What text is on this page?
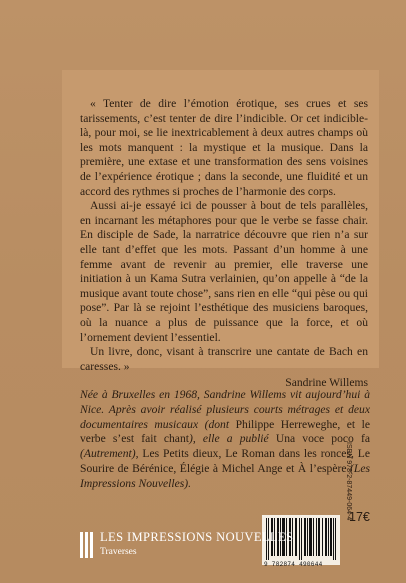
« Tenter de dire l’émotion érotique, ses crues et ses tarissements, c’est tenter de dire l’indicible. Or cet indicible-là, pour moi, se lie inextricablement à deux autres champs où les mots manquent : la mystique et la musique. Dans la première, une extase et une transformation des sens voisines de l’expérience érotique ; dans la seconde, une fluidité et un accord des rythmes si proches de l’harmonie des corps.

Aussi ai-je essayé ici de pousser à bout de tels parallèles, en incarnant les métaphores pour que le verbe se fasse chair. En disciple de Sade, la narratrice découvre que rien n’a sur elle tant d’effet que les mots. Passant d’un homme à une femme avant de revenir au premier, elle traverse une initiation à un Kama Sutra verlainien, qu’on appelle à “de la musique avant toute chose”, sans rien en elle “qui pèse ou qui pose”. Par là se rejoint l’esthétique des musiciens baroques, où la nuance a plus de puissance que la force, et où l’ornement devient l’essentiel.

Un livre, donc, visant à transcrire une cantate de Bach en caresses. »

Sandrine Willems

Née à Bruxelles en 1968, Sandrine Willems vit aujourd’hui à Nice. Après avoir réalisé plusieurs courts métrages et deux documentaires musicaux (dont Philippe Herreweghe, et le verbe s’est fait chant), elle a publié Una voce poco fa (Autrement), Les Petits dieux, Le Roman dans les ronces, Le Sourire de Bérénice, Élégie à Michel Ange et À l’espère (Les Impressions Nouvelles).	ISBN 978-2-87449-064-4
17€
9 782874 490644
LES IMPRESSIONS NOUVELLES
Traverses
